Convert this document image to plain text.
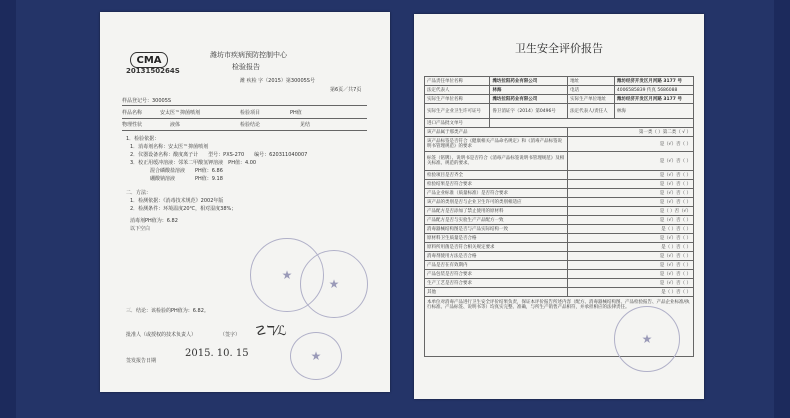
CMA
2013150264S
潍坊市疾病预防控制中心
检验报告
潍 疾检 字（2015）第30005S号
第6页／共7页
样品登记号：30005S
样品名称	安太医™抑菌喷剂	检验项目	PH值
物理性状	液体	检验结论	见结
1．检验依据：
1．消毒剂名称：安太医™抑菌喷剂
2．仪器设备名称：酸度离子计　　型号：PXS-270　　编号：620311040007
3．校正用缓冲溶液：邻苯二甲酸氢钾溶液　PH值：4.00
　　　　混合磷酸盐溶液　　PH值：6.86
　　　　硼酸钠溶液　　　　PH值：9.18
二．方法：
1．检测依据：《消毒技术规范》2002年版
2．检测条件：环境温度20℃，相对湿度38%；
消毒剂PH值为：6.82
以下空白
三．结论：该检验的PH值为：6.82。
批准人（或授权的技术负责人）	（签字） ☡ℸ⁄ℒ
签发报告日期
2015. 10. 15
★
★
★
卫生安全评价报告
产品责任单位名称	潍坊拉阳药业有限公司	地址	潍坊经济开发区月河路 3177 号
法定代表人	林海	电话	4006585839 传真 5686088
实际生产单位名称	潍坊拉阳药业有限公司	实际生产单位地址	潍坊经济开发区月河路 3177 号
实际生产企业卫生许可证号	鲁卫消证字（2014）第0496号	法定代表人/责任人	林海
进口产品批文单号			
该产品属于那类产品		第一类（ ）第二类（ √ ）	
该产品标签是否符合《健康相关产品命名规定》和《消毒产品标签说明书管理规范》的要求		是（√）否（ ）	
标签（铭牌）、说明书是否符合《消毒产品标签说明书管理规范》及相关标准、规范的要求。		是（√）否（ ）	
检验项目是否齐全		是（√）否（ ）	
检验结果是否符合要求		是（√）否（ ）	
产品企业标准（质量标准）是否符合要求		是（√）否（ ）	
该产品的类别是否与企业卫生许可的类别相适应		是（√）否（ ）	
产品配方是否添加了禁止使用的原材料		是（ ）否（√）	
产品配方是否与实验生产产品配方一致		是（√）否（ ）	
消毒器械结构图是否与产品实际结构一致		是（ ）否（ ）	
原材料卫生质量是否合格		是（√）否（ ）	
原料所用菌是否符合相关规定要求		是（ ）否（ ）	
消毒剂使用方法是否合格		是（√）否（ ）	
产品是否在有效期内		是（√）否（ ）	
产品包装是否符合要求		是（√）否（ ）	
生产工艺是否符合要求		是（√）否（ ）	
其他		是（ ）否（ ）	
本单位对消毒产品进行卫生安全评价结果负责，保证本评价报告所述内容（配方、消毒器械结构图、产品检验报告、产品企业标准/执行标准、产品标签、说明书等）均真实完整、准确，与所生产销售产品相符，并承担相应的法律责任。			
★
